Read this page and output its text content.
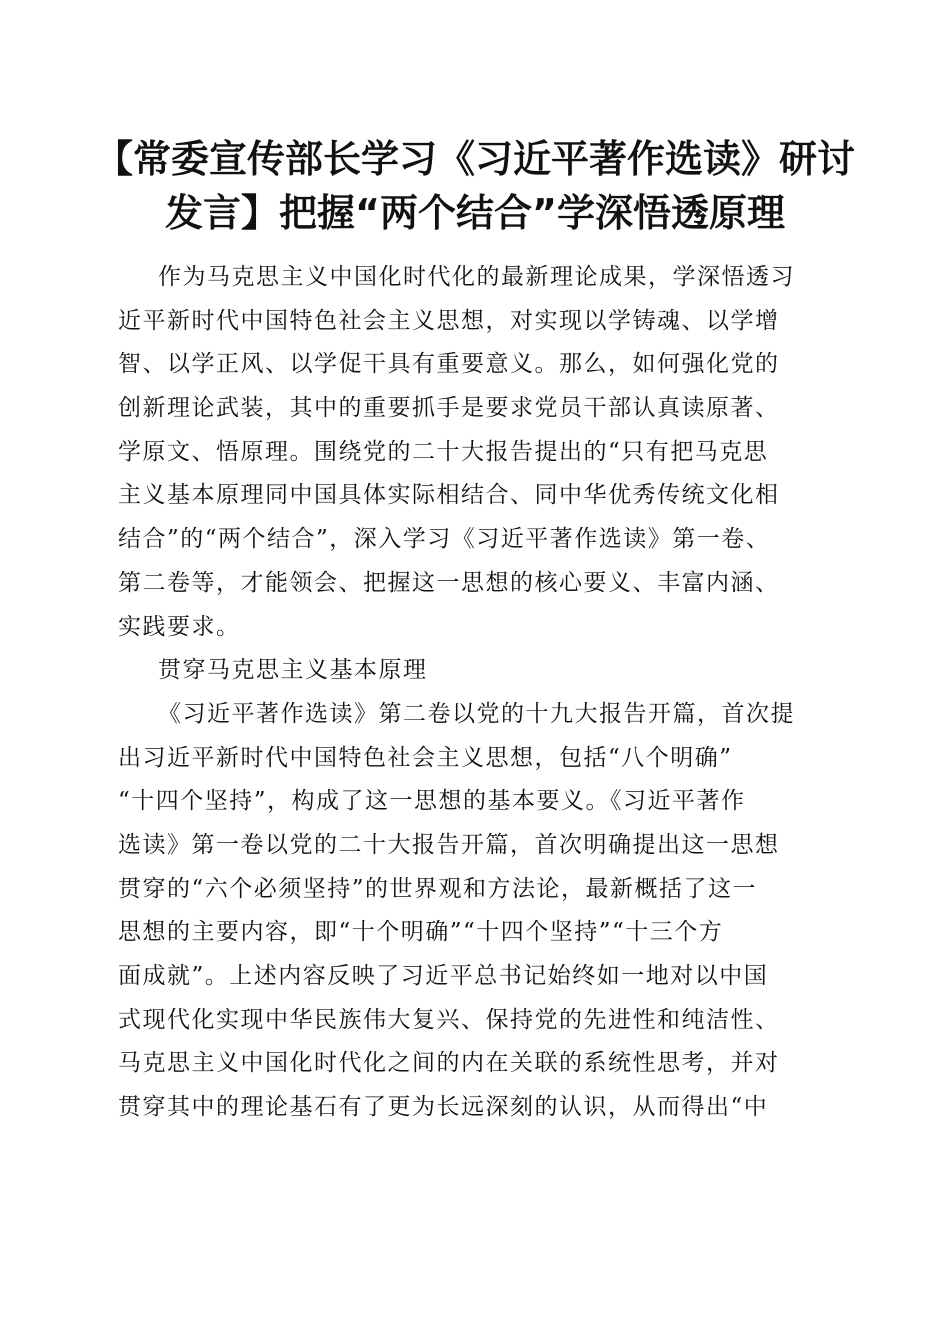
【常委宣传部长学习《习近平著作选读》研讨
发言】把握“两个结合”学深悟透原理
作为马克思主义中国化时代化的最新理论成果，学深悟透习
近平新时代中国特色社会主义思想，对实现以学铸魂、以学增
智、以学正风、以学促干具有重要意义。那么，如何强化党的
创新理论武装，其中的重要抓手是要求党员干部认真读原著、
学原文、悟原理。围绕党的二十大报告提出的“只有把马克思
主义基本原理同中国具体实际相结合、同中华优秀传统文化相
结合”的“两个结合”，深入学习《习近平著作选读》第一卷、
第二卷等，才能领会、把握这一思想的核心要义、丰富内涵、
实践要求。
贯穿马克思主义基本原理
《习近平著作选读》第二卷以党的十九大报告开篇，首次提
出习近平新时代中国特色社会主义思想，包括“八个明确”
“十四个坚持”，构成了这一思想的基本要义。《习近平著作
选读》第一卷以党的二十大报告开篇，首次明确提出这一思想
贯穿的“六个必须坚持”的世界观和方法论，最新概括了这一
思想的主要内容，即“十个明确”“十四个坚持”“十三个方
面成就”。上述内容反映了习近平总书记始终如一地对以中国
式现代化实现中华民族伟大复兴、保持党的先进性和纯洁性、
马克思主义中国化时代化之间的内在关联的系统性思考，并对
贯穿其中的理论基石有了更为长远深刻的认识，从而得出“中
